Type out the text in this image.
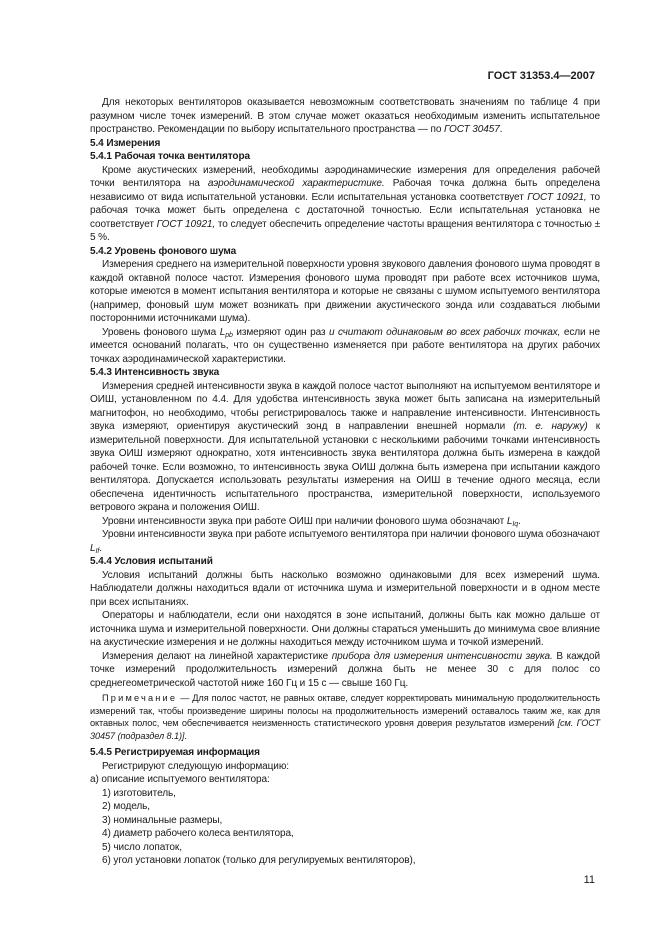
ГОСТ 31353.4—2007

Для некоторых вентиляторов оказывается невозможным соответствовать значениям по таблице 4 при разумном числе точек измерений. В этом случае может оказаться необходимым изменить испытательное пространство. Рекомендации по выбору испытательного пространства — по ГОСТ 30457.

5.4 Измерения

5.4.1 Рабочая точка вентилятора

Кроме акустических измерений, необходимы аэродинамические измерения для определения рабочей точки вентилятора на аэродинамической характеристике. Рабочая точка должна быть определена независимо от вида испытательной установки. Если испытательная установка соответствует ГОСТ 10921, то рабочая точка может быть определена с достаточной точностью. Если испытательная установка не соответствует ГОСТ 10921, то следует обеспечить определение частоты вращения вентилятора с точностью ± 5 %.

5.4.2 Уровень фонового шума

Измерения среднего на измерительной поверхности уровня звукового давления фонового шума проводят в каждой октавной полосе частот. Измерения фонового шума проводят при работе всех источников шума, которые имеются в момент испытания вентилятора и которые не связаны с шумом испытуемого вентилятора (например, фоновый шум может возникать при движении акустического зонда или создаваться любыми посторонними источниками шума).

Уровень фонового шума $L_{pb}$ измеряют один раз и считают одинаковым во всех рабочих точках, если не имеется оснований полагать, что он существенно изменяется при работе вентилятора на других рабочих точках аэродинамической характеристики.

5.4.3 Интенсивность звука

Измерения средней интенсивности звука в каждой полосе частот выполняют на испытуемом вентиляторе и ОИШ, установленном по 4.4. Для удобства интенсивность звука может быть записана на измерительный магнитофон, но необходимо, чтобы регистрировалось также и направление интенсивности. Интенсивность звука измеряют, ориентируя акустический зонд в направлении внешней нормали (т. е. наружу) к измерительной поверхности. Для испытательной установки с несколькими рабочими точками интенсивность звука ОИШ измеряют однократно, хотя интенсивность звука вентилятора должна быть измерена в каждой рабочей точке. Если возможно, то интенсивность звука ОИШ должна быть измерена при испытании каждого вентилятора. Допускается использовать результаты измерения на ОИШ в течение одного месяца, если обеспечена идентичность испытательного пространства, измерительной поверхности, используемого ветрового экрана и положения ОИШ.

Уровни интенсивности звука при работе ОИШ при наличии фонового шума обозначают $L_{Iq}$.

Уровни интенсивности звука при работе испытуемого вентилятора при наличии фонового шума обозначают $L_{If}$.

5.4.4 Условия испытаний

Условия испытаний должны быть насколько возможно одинаковыми для всех измерений шума. Наблюдатели должны находиться вдали от источника шума и измерительной поверхности и в одном месте при всех испытаниях.

Операторы и наблюдатели, если они находятся в зоне испытаний, должны быть как можно дальше от источника шума и измерительной поверхности. Они должны стараться уменьшить до минимума свое влияние на акустические измерения и не должны находиться между источником шума и точкой измерений.

Измерения делают на линейной характеристике прибора для измерения интенсивности звука. В каждой точке измерений продолжительность измерений должна быть не менее 30 с для полос со среднегеометрической частотой ниже 160 Гц и 15 с — свыше 160 Гц.

Примечание — Для полос частот, не равных октаве, следует корректировать минимальную продолжительность измерений так, чтобы произведение ширины полосы на продолжительность измерений оставалось таким же, как для октавных полос, чем обеспечивается неизменность статистического уровня доверия результатов измерений [см. ГОСТ 30457 (подраздел 8.1)].

5.4.5 Регистрируемая информация

Регистрируют следующую информацию:

а) описание испытуемого вентилятора:

1) изготовитель,
2) модель,
3) номинальные размеры,
4) диаметр рабочего колеса вентилятора,
5) число лопаток,
6) угол установки лопаток (только для регулируемых вентиляторов),
11
